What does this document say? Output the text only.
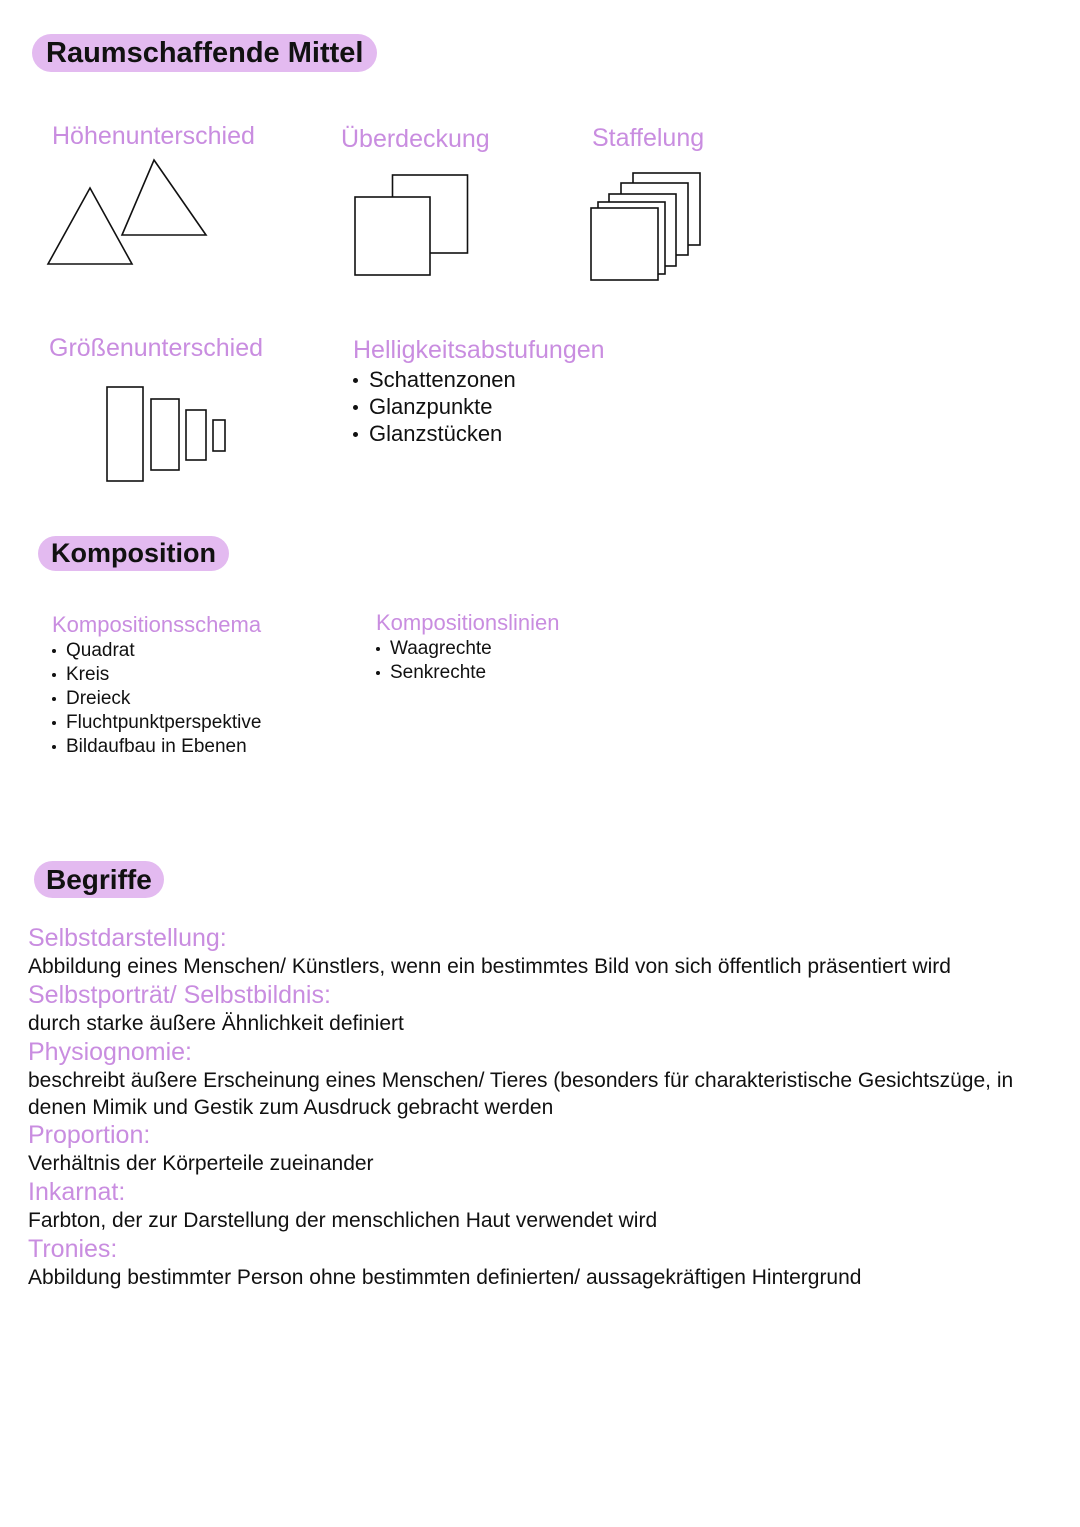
Raumschaffende Mittel
Höhenunterschied	Überdeckung	Staffelung
Größenunterschied	Helligkeitsabstufungen
Schattenzonen
Glanzpunkte
Glanzstücken
Komposition
Kompositionsschema
Quadrat
Kreis
Dreieck
Fluchtpunktperspektive
Bildaufbau in Ebenen
Kompositionslinien
Waagrechte
Senkrechte
Begriffe
Selbstdarstellung:
Abbildung eines Menschen/ Künstlers, wenn ein bestimmtes Bild von sich öffentlich präsentiert wird
Selbstporträt/ Selbstbildnis:
durch starke äußere Ähnlichkeit definiert
Physiognomie:
beschreibt äußere Erscheinung eines Menschen/ Tieres (besonders für charakteristische Gesichtszüge, in denen Mimik und Gestik zum Ausdruck gebracht werden
Proportion:
Verhältnis der Körperteile zueinander
Inkarnat:
Farbton, der zur Darstellung der menschlichen Haut verwendet wird
Tronies:
Abbildung bestimmter Person ohne bestimmten definierten/ aussagekräftigen Hintergrund
